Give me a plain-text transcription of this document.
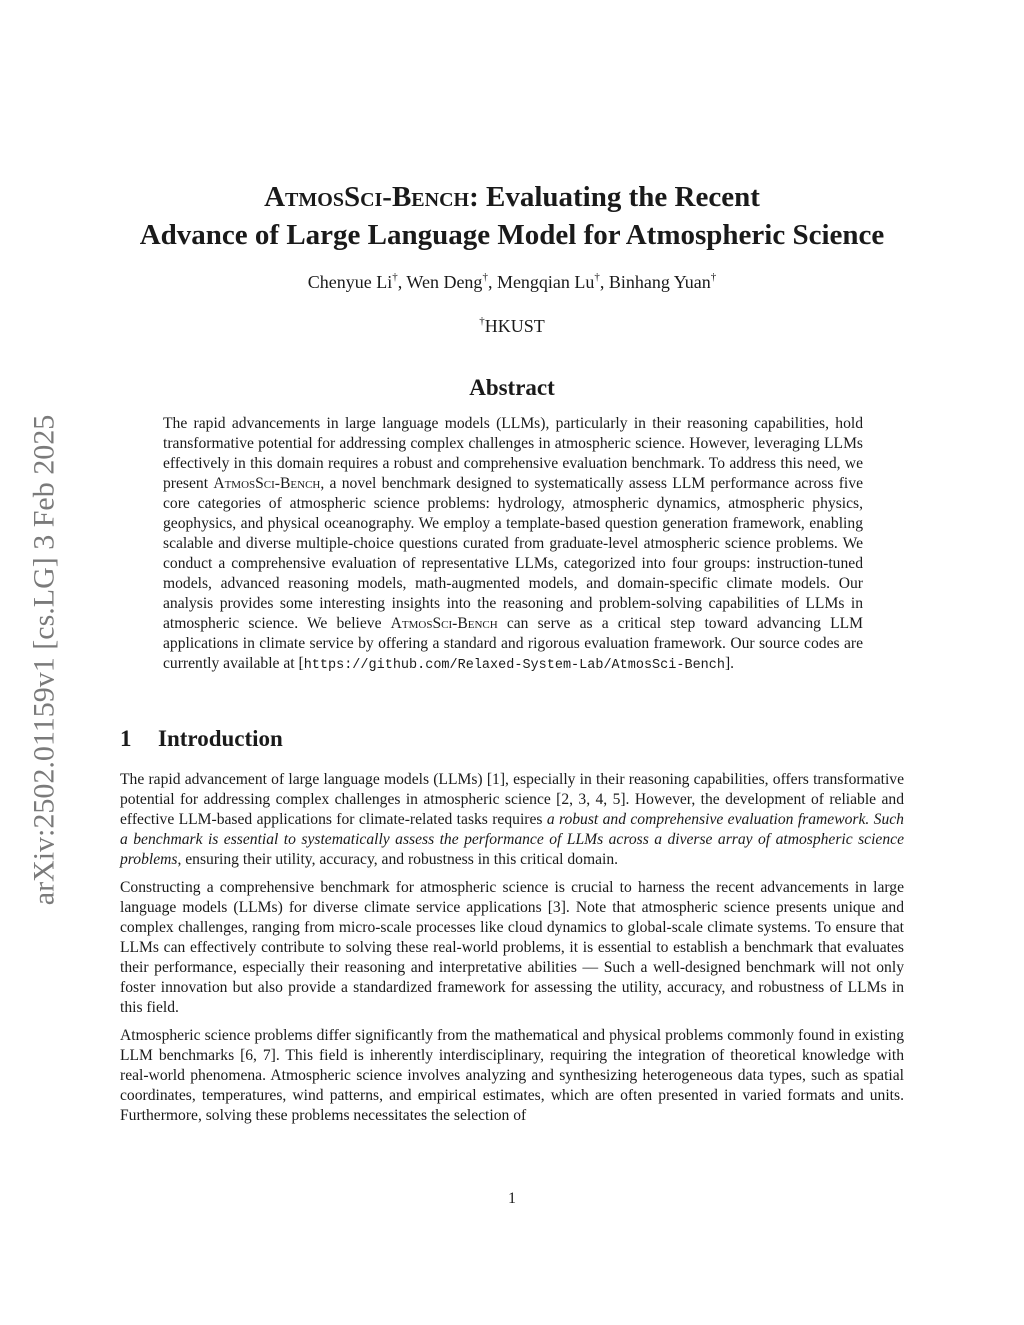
arXiv:2502.01159v1 [cs.LG] 3 Feb 2025
AtmosSci-Bench: Evaluating the Recent
Advance of Large Language Model for Atmospheric Science
Chenyue Li†, Wen Deng†, Mengqian Lu†, Binhang Yuan†
†HKUST
Abstract
The rapid advancements in large language models (LLMs), particularly in their reasoning capabilities, hold transformative potential for addressing complex challenges in atmospheric science. However, leveraging LLMs effectively in this domain requires a robust and comprehensive evaluation benchmark. To address this need, we present AtmosSci-Bench, a novel benchmark designed to systematically assess LLM performance across five core categories of atmospheric science problems: hydrology, atmospheric dynamics, atmospheric physics, geophysics, and physical oceanography. We employ a template-based question generation framework, enabling scalable and diverse multiple-choice questions curated from graduate-level atmospheric science problems. We conduct a comprehensive evaluation of representative LLMs, categorized into four groups: instruction-tuned models, advanced reasoning models, math-augmented models, and domain-specific climate models. Our analysis provides some interesting insights into the reasoning and problem-solving capabilities of LLMs in atmospheric science. We believe AtmosSci-Bench can serve as a critical step toward advancing LLM applications in climate service by offering a standard and rigorous evaluation framework. Our source codes are currently available at [https://github.com/Relaxed-System-Lab/AtmosSci-Bench].
1 Introduction

The rapid advancement of large language models (LLMs) [1], especially in their reasoning capabilities, offers transformative potential for addressing complex challenges in atmospheric science [2, 3, 4, 5]. However, the development of reliable and effective LLM-based applications for climate-related tasks requires a robust and comprehensive evaluation framework. Such a benchmark is essential to systematically assess the performance of LLMs across a diverse array of atmospheric science problems, ensuring their utility, accuracy, and robustness in this critical domain.

Constructing a comprehensive benchmark for atmospheric science is crucial to harness the recent advancements in large language models (LLMs) for diverse climate service applications [3]. Note that atmospheric science presents unique and complex challenges, ranging from micro-scale processes like cloud dynamics to global-scale climate systems. To ensure that LLMs can effectively contribute to solving these real-world problems, it is essential to establish a benchmark that evaluates their performance, especially their reasoning and interpretative abilities — Such a well-designed benchmark will not only foster innovation but also provide a standardized framework for assessing the utility, accuracy, and robustness of LLMs in this field.

Atmospheric science problems differ significantly from the mathematical and physical problems commonly found in existing LLM benchmarks [6, 7]. This field is inherently interdisciplinary, requiring the integration of theoretical knowledge with real-world phenomena. Atmospheric science involves analyzing and synthesizing heterogeneous data types, such as spatial coordinates, temperatures, wind patterns, and empirical estimates, which are often presented in varied formats and units. Furthermore, solving these problems necessitates the selection of

1
